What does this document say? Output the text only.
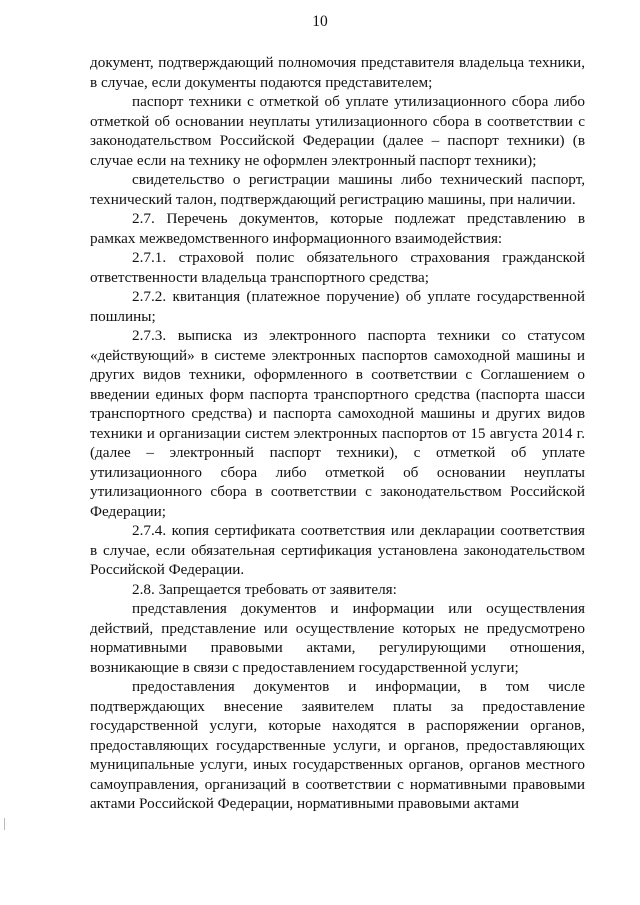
10

документ, подтверждающий полномочия представителя владельца техники, в случае, если документы подаются представителем;

паспорт техники с отметкой об уплате утилизационного сбора либо отметкой об основании неуплаты утилизационного сбора в соответствии с законодательством Российской Федерации (далее – паспорт техники) (в случае если на технику не оформлен электронный паспорт техники);

свидетельство о регистрации машины либо технический паспорт, технический талон, подтверждающий регистрацию машины, при наличии.

2.7. Перечень документов, которые подлежат представлению в рамках межведомственного информационного взаимодействия:

2.7.1. страховой полис обязательного страхования гражданской ответственности владельца транспортного средства;

2.7.2. квитанция (платежное поручение) об уплате государственной пошлины;

2.7.3. выписка из электронного паспорта техники со статусом «действующий» в системе электронных паспортов самоходной машины и других видов техники, оформленного в соответствии с Соглашением о введении единых форм паспорта транспортного средства (паспорта шасси транспортного средства) и паспорта самоходной машины и других видов техники и организации систем электронных паспортов от 15 августа 2014 г. (далее – электронный паспорт техники), с отметкой об уплате утилизационного сбора либо отметкой об основании неуплаты утилизационного сбора в соответствии с законодательством Российской Федерации;

2.7.4. копия сертификата соответствия или декларации соответствия в случае, если обязательная сертификация установлена законодательством Российской Федерации.

2.8. Запрещается требовать от заявителя:

представления документов и информации или осуществления действий, представление или осуществление которых не предусмотрено нормативными правовыми актами, регулирующими отношения, возникающие в связи с предоставлением государственной услуги;

предоставления документов и информации, в том числе подтверждающих внесение заявителем платы за предоставление государственной услуги, которые находятся в распоряжении органов, предоставляющих государственные услуги, и органов, предоставляющих муниципальные услуги, иных государственных органов, органов местного самоуправления, организаций в соответствии с нормативными правовыми актами Российской Федерации, нормативными правовыми актами
